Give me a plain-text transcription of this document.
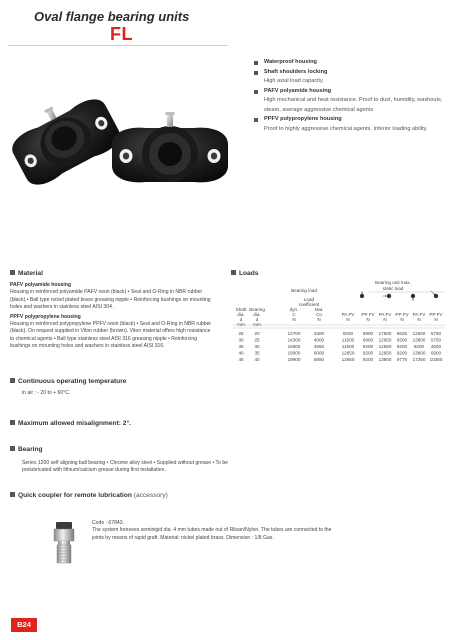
Oval flange bearing units
FL
Waterproof housing
Shaft shoulders locking
High axial load capacity.
PAFV polyamide housing
High mechanical and heat resistance. Proof to dust, humidity, washouts, steam, average aggressive chemical agents
PPFV polypropylene housing
Proof to highly aggressive chemical agents. Inferior loading ability.
Material
PAFV polyamide housing

Housing in reinforced polyamide PAFV resin (black) • Seal and O-Ring in NBR rubber (black) • Ball type nickel plated brass greasing nipple • Reinforcing bushings on mounting holes and washers in stainless steel AISI 304 .

PPFV polypropylene housing

Housing in reinforced polypropylene PPFV resin (black) • Seal and O-Ring in NBR rubber (black). On request supplied in Viton rubber (brown). Viton material offers high resistance to chemical agents • Ball type stainless steel AISI 316 greasing nipple • Reinforcing bushings on mounting holes and washers in stainless steel AISI 316.

Loads
Bearing load
Bearing unit max.
static load
Load
coefficient
Shaft Bearing
dia. dia.
dyn.	stat.
d	d
C	Co
mm mm
N	N
PA FV PP FV PA FV PP FV PA FV PP FV
N	N	N	N	N	N
25 20	12700	3400	9200 6900 17500 8625 12650 5750
30 25	14300	4000	11500 6900 12650 9200 13800 5750
35 30	15600	4650	11500 9200 12650 9200 9200 4600
40 35	19000	6000	12650 9200 12650 9200 13800 6900
45 40	19900	6850	12650 9200 13800 9775 17250 10350
Continuous operating temperature
in air : - 20 to + 60°C.
Maximum allowed misalignment: 2°.
Bearing
Series 1200 self aligning ball bearing • Chrome alloy steel • Supplied without grease • To be prelubricated with lithium/calcium grease during first installation.
Quick coupler for remote lubrication (accessory)
Code : 67843.
The system foresees seminigid dia. 4 mm tubes made out of Rilsan/Nylon. The tubes are connected to the joints by means of rapid graft. Material: nickel plated brass. Dimension : 1/8 Gas.
B24
